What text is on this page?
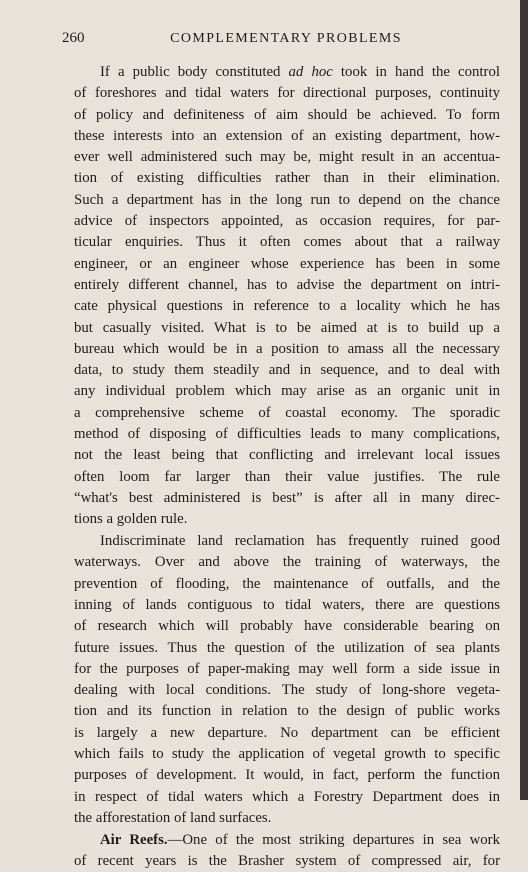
260	COMPLEMENTARY PROBLEMS
If a public body constituted ad hoc took in hand the control
of foreshores and tidal waters for directional purposes, continuity
of policy and definiteness of aim should be achieved. To form
these interests into an extension of an existing department, how-
ever well administered such may be, might result in an accentua-
tion of existing difficulties rather than in their elimination.
Such a department has in the long run to depend on the chance
advice of inspectors appointed, as occasion requires, for par-
ticular enquiries. Thus it often comes about that a railway
engineer, or an engineer whose experience has been in some
entirely different channel, has to advise the department on intri-
cate physical questions in reference to a locality which he has
but casually visited. What is to be aimed at is to build up a
bureau which would be in a position to amass all the necessary
data, to study them steadily and in sequence, and to deal with
any individual problem which may arise as an organic unit in
a comprehensive scheme of coastal economy. The sporadic
method of disposing of difficulties leads to many complications,
not the least being that conflicting and irrelevant local issues
often loom far larger than their value justifies. The rule
“what's best administered is best” is after all in many direc-
tions a golden rule.
Indiscriminate land reclamation has frequently ruined good
waterways. Over and above the training of waterways, the
prevention of flooding, the maintenance of outfalls, and the
inning of lands contiguous to tidal waters, there are questions
of research which will probably have considerable bearing on
future issues. Thus the question of the utilization of sea plants
for the purposes of paper-making may well form a side issue in
dealing with local conditions. The study of long-shore vegeta-
tion and its function in relation to the design of public works
is largely a new departure. No department can be efficient
which fails to study the application of vegetal growth to specific
purposes of development. It would, in fact, perform the function
in respect of tidal waters which a Forestry Department does in
the afforestation of land surfaces.
Air Reefs.—One of the most striking departures in sea work
of recent years is the Brasher system of compressed air, for
